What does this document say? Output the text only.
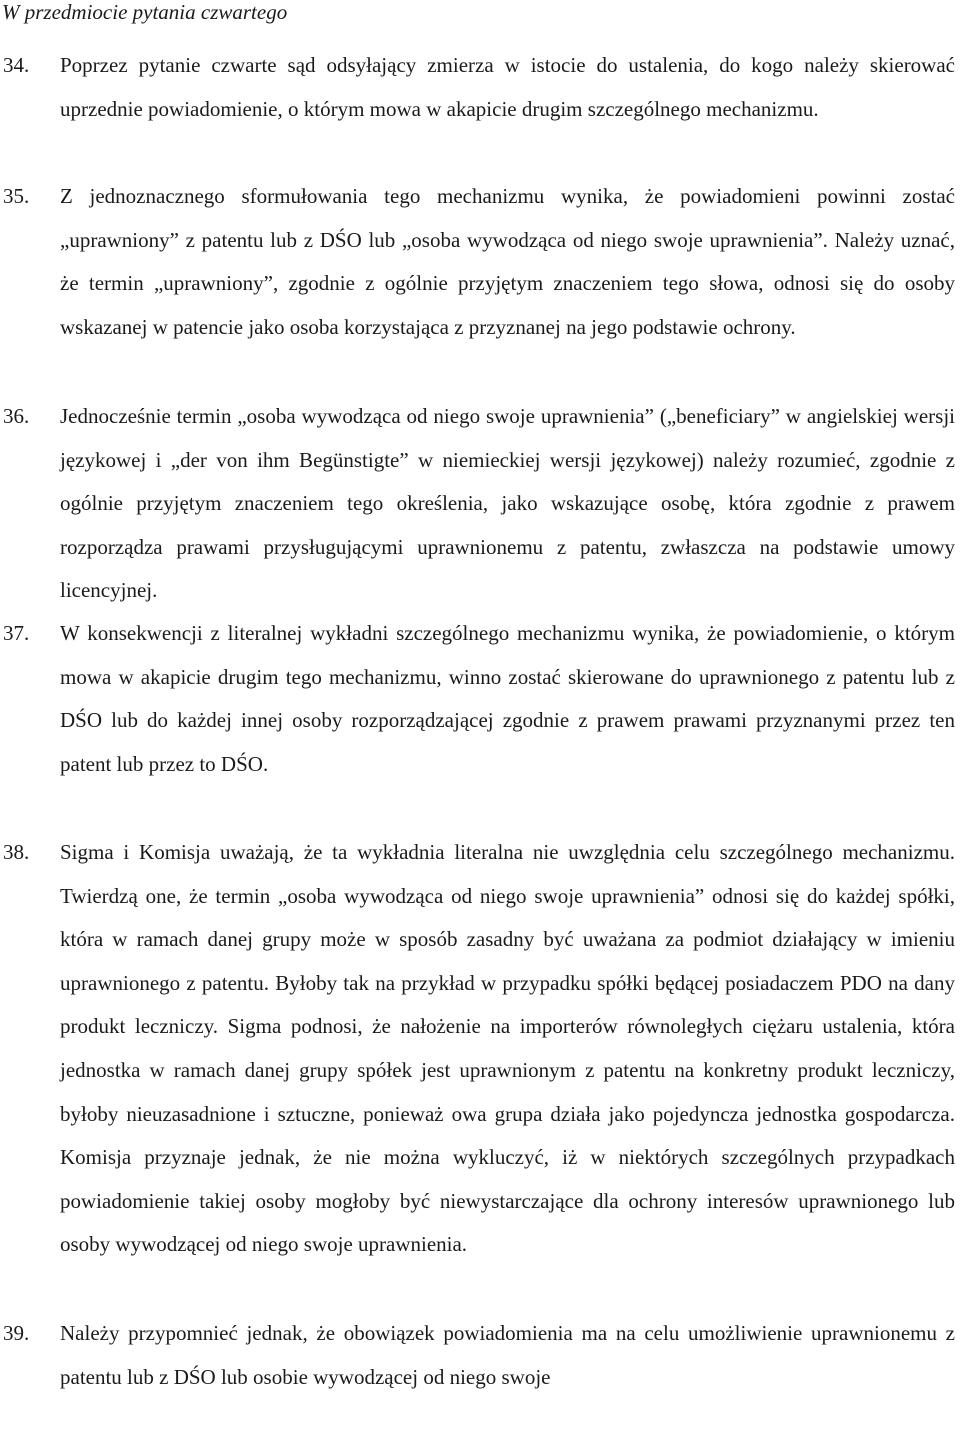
W przedmiocie pytania czwartego
34. Poprzez pytanie czwarte sąd odsyłający zmierza w istocie do ustalenia, do kogo należy skierować uprzednie powiadomienie, o którym mowa w akapicie drugim szczególnego mechanizmu.
35. Z jednoznacznego sformułowania tego mechanizmu wynika, że powiadomieni powinni zostać „uprawniony” z patentu lub z DŚO lub „osoba wywodząca od niego swoje uprawnienia”. Należy uznać, że termin „uprawniony”, zgodnie z ogólnie przyjętym znaczeniem tego słowa, odnosi się do osoby wskazanej w patencie jako osoba korzystająca z przyznanej na jego podstawie ochrony.
36. Jednocześnie termin „osoba wywodząca od niego swoje uprawnienia” („beneficiary” w angielskiej wersji językowej i „der von ihm Begünstigte” w niemieckiej wersji językowej) należy rozumieć, zgodnie z ogólnie przyjętym znaczeniem tego określenia, jako wskazujące osobę, która zgodnie z prawem rozporządza prawami przysługującymi uprawnionemu z patentu, zwłaszcza na podstawie umowy licencyjnej.
37. W konsekwencji z literalnej wykładni szczególnego mechanizmu wynika, że powiadomienie, o którym mowa w akapicie drugim tego mechanizmu, winno zostać skierowane do uprawnionego z patentu lub z DŚO lub do każdej innej osoby rozporządzającej zgodnie z prawem prawami przyznanymi przez ten patent lub przez to DŚO.
38. Sigma i Komisja uważają, że ta wykładnia literalna nie uwzględnia celu szczególnego mechanizmu. Twierdzą one, że termin „osoba wywodząca od niego swoje uprawnienia” odnosi się do każdej spółki, która w ramach danej grupy może w sposób zasadny być uważana za podmiot działający w imieniu uprawnionego z patentu. Byłoby tak na przykład w przypadku spółki będącej posiadaczem PDO na dany produkt leczniczy. Sigma podnosi, że nałożenie na importerów równoległych ciężaru ustalenia, która jednostka w ramach danej grupy spółek jest uprawnionym z patentu na konkretny produkt leczniczy, byłoby nieuzasadnione i sztuczne, ponieważ owa grupa działa jako pojedyncza jednostka gospodarcza. Komisja przyznaje jednak, że nie można wykluczyć, iż w niektórych szczególnych przypadkach powiadomienie takiej osoby mogłoby być niewystarczające dla ochrony interesów uprawnionego lub osoby wywodzącej od niego swoje uprawnienia.
39. Należy przypomnieć jednak, że obowiązek powiadomienia ma na celu umożliwienie uprawnionemu z patentu lub z DŚO lub osobie wywodzącej od niego swoje
